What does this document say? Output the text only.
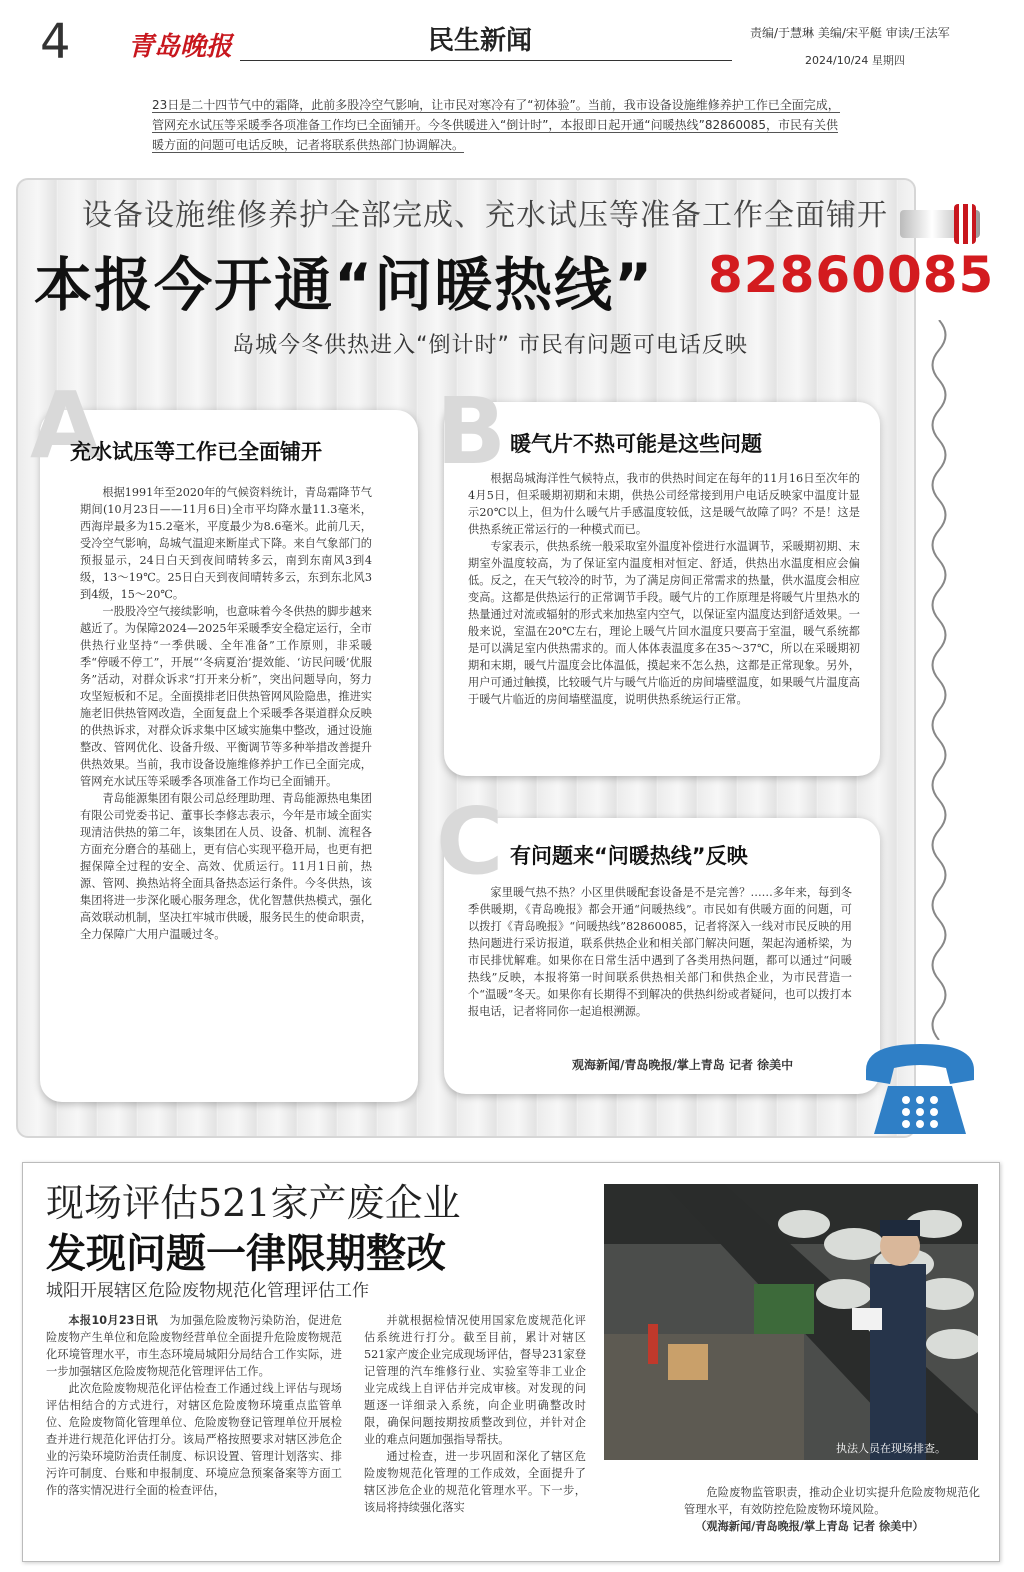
4 青岛晚报	民生新闻	责编/于慧琳 美编/宋平艇 审读/王法军
2024/10/24 星期四
23日是二十四节气中的霜降，此前多股冷空气影响，让市民对寒冷有了“初体验”。当前，我市设备设施维修养护工作已全面完成，管网充水试压等采暖季各项准备工作均已全面铺开。今冬供暖进入“倒计时”，本报即日起开通“问暖热线”82860085，市民有关供暖方面的问题可电话反映，记者将联系供热部门协调解决。
设备设施维修养护全部完成、充水试压等准备工作全面铺开
本报今开通“问暖热线” 82860085
岛城今冬供热进入“倒计时” 市民有问题可电话反映
A
充水试压等工作已全面铺开

根据1991年至2020年的气候资料统计，青岛霜降节气期间(10月23日——11月6日)全市平均降水量11.3毫米，西海岸最多为15.2毫米，平度最少为8.6毫米。此前几天，受冷空气影响，岛城气温迎来断崖式下降。来自气象部门的预报显示，24日白天到夜间晴转多云，南到东南风3到4级，13～19℃。25日白天到夜间晴转多云，东到东北风3到4级，15～20℃。

一股股冷空气接续影响，也意味着今冬供热的脚步越来越近了。为保障2024—2025年采暖季安全稳定运行，全市供热行业坚持“一季供暖、全年准备”工作原则，非采暖季“停暖不停工”，开展“‘冬病夏治’提效能、‘访民问暖’优服务”活动，对群众诉求“打开来分析”，突出问题导向，努力攻坚短板和不足。全面摸排老旧供热管网风险隐患，推进实施老旧供热管网改造，全面复盘上个采暖季各渠道群众反映的供热诉求，对群众诉求集中区域实施集中整改，通过设施整改、管网优化、设备升级、平衡调节等多种举措改善提升供热效果。当前，我市设备设施维修养护工作已全面完成，管网充水试压等采暖季各项准备工作均已全面铺开。

青岛能源集团有限公司总经理助理、青岛能源热电集团有限公司党委书记、董事长李修志表示，今年是市域全面实现清洁供热的第二年，该集团在人员、设备、机制、流程各方面充分磨合的基础上，更有信心实现平稳开局，也更有把握保障全过程的安全、高效、优质运行。11月1日前，热源、管网、换热站将全面具备热态运行条件。今冬供热，该集团将进一步深化暖心服务理念，优化智慧供热模式，强化高效联动机制，坚决扛牢城市供暖，服务民生的使命职责，全力保障广大用户温暖过冬。

B 暖气片不热可能是这些问题

根据岛城海洋性气候特点，我市的供热时间定在每年的11月16日至次年的4月5日，但采暖期初期和末期，供热公司经常接到用户电话反映家中温度计显示20℃以上，但为什么暖气片手感温度较低，这是暖气故障了吗？不是！这是供热系统正常运行的一种模式而已。

专家表示，供热系统一般采取室外温度补偿进行水温调节，采暖期初期、末期室外温度较高，为了保证室内温度相对恒定、舒适，供热出水温度相应会偏低。反之，在天气较冷的时节，为了满足房间正常需求的热量，供水温度会相应变高。这都是供热运行的正常调节手段。暖气片的工作原理是将暖气片里热水的热量通过对流或辐射的形式来加热室内空气，以保证室内温度达到舒适效果。一般来说，室温在20℃左右，理论上暖气片回水温度只要高于室温，暖气系统都是可以满足室内供热需求的。而人体体表温度多在35～37℃，所以在采暖期初期和末期，暖气片温度会比体温低，摸起来不怎么热，这都是正常现象。另外，用户可通过触摸，比较暖气片与暖气片临近的房间墙壁温度，如果暖气片温度高于暖气片临近的房间墙壁温度，说明供热系统运行正常。

C 有问题来“问暖热线”反映

家里暖气热不热？小区里供暖配套设备是不是完善？……多年来，每到冬季供暖期，《青岛晚报》都会开通“问暖热线”。市民如有供暖方面的问题，可以拨打《青岛晚报》“问暖热线”82860085，记者将深入一线对市民反映的用热问题进行采访报道，联系供热企业和相关部门解决问题，架起沟通桥梁，为市民排忧解难。如果你在日常生活中遇到了各类用热问题，都可以通过“问暖热线”反映，本报将第一时间联系供热相关部门和供热企业，为市民营造一个“温暖”冬天。如果你有长期得不到解决的供热纠纷或者疑问，也可以拨打本报电话，记者将同你一起追根溯源。

观海新闻/青岛晚报/掌上青岛 记者 徐美中
现场评估521家产废企业
发现问题一律限期整改
城阳开展辖区危险废物规范化管理评估工作

本报10月23日讯　 为加强危险废物污染防治，促进危险废物产生单位和危险废物经营单位全面提升危险废物规范化环境管理水平，市生态环境局城阳分局结合工作实际，进一步加强辖区危险废物规范化管理评估工作。

此次危险废物规范化评估检查工作通过线上评估与现场评估相结合的方式进行，对辖区危险废物环境重点监管单位、危险废物简化管理单位、危险废物登记管理单位开展检查并进行规范化评估打分。该局严格按照要求对辖区涉危企业的污染环境防治责任制度、标识设置、管理计划落实、排污许可制度、台账和申报制度、环境应急预案备案等方面工作的落实情况进行全面的检查评估，

并就根据检情况使用国家危废规范化评估系统进行打分。截至目前，累计对辖区521家产废企业完成现场评估，督导231家登记管理的汽车维修行业、实验室等非工业企业完成线上自评估并完成审核。对发现的问题逐一详细录入系统，向企业明确整改时限，确保问题按期按质整改到位，并针对企业的难点问题加强指导帮扶。

通过检查，进一步巩固和深化了辖区危险废物规范化管理的工作成效，全面提升了辖区涉危企业的规范化管理水平。下一步，该局将持续强化落实

危险废物监管职责，推动企业切实提升危险废物规范化管理水平，有效防控危险废物环境风险。

（观海新闻/青岛晚报/掌上青岛 记者 徐美中）

执法人员在现场排查。
